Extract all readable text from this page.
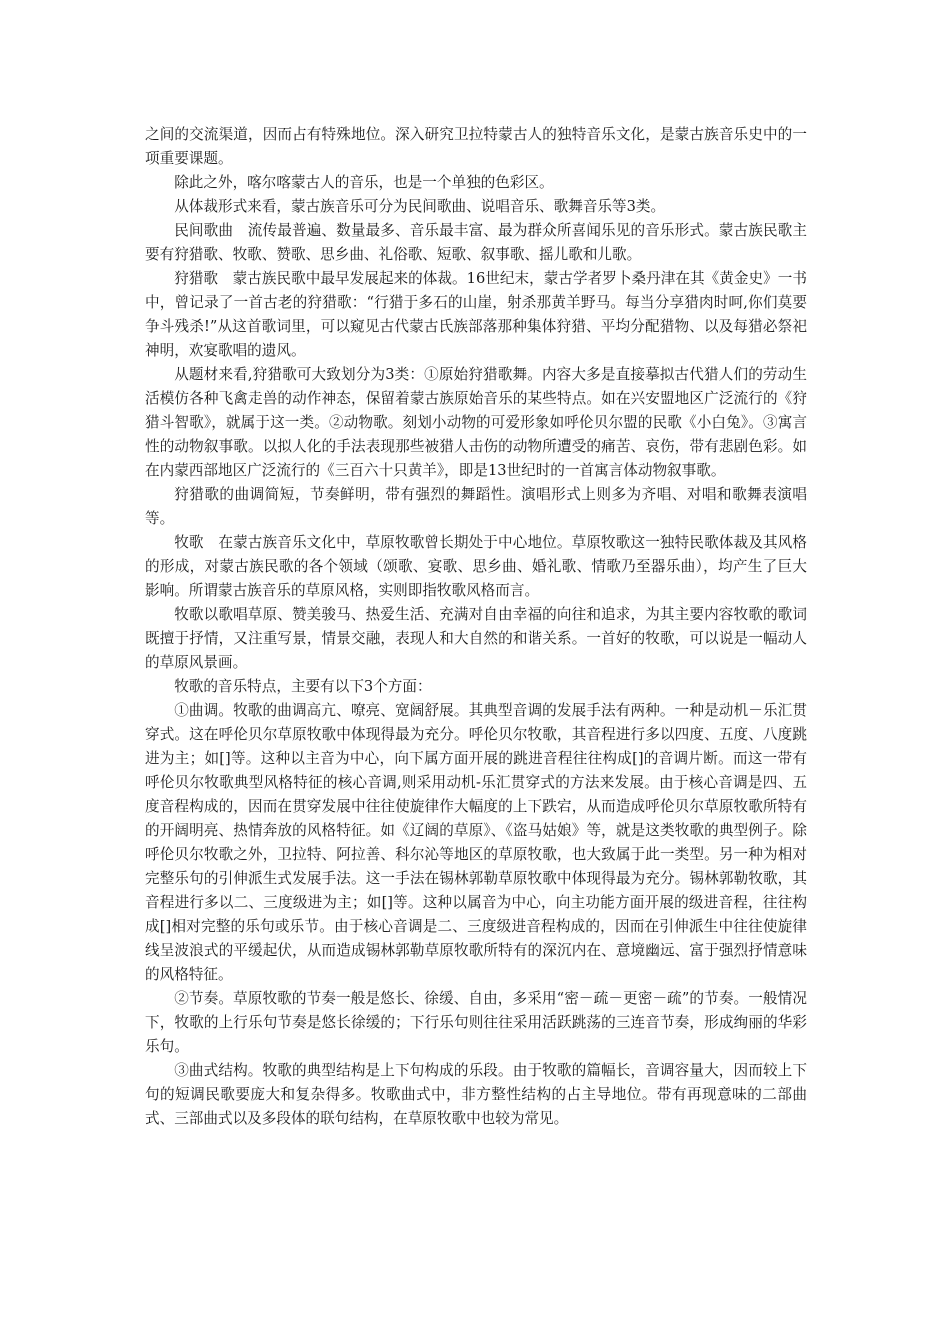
之间的交流渠道，因而占有特殊地位。深入研究卫拉特蒙古人的独特音乐文化，是蒙古族音乐史中的一项重要课题。

除此之外，喀尔喀蒙古人的音乐，也是一个单独的色彩区。

从体裁形式来看，蒙古族音乐可分为民间歌曲、说唱音乐、歌舞音乐等3类。

民间歌曲　流传最普遍、数量最多、音乐最丰富、最为群众所喜闻乐见的音乐形式。蒙古族民歌主要有狩猎歌、牧歌、赞歌、思乡曲、礼俗歌、短歌、叙事歌、摇儿歌和儿歌。

狩猎歌　蒙古族民歌中最早发展起来的体裁。16世纪末，蒙古学者罗卜桑丹津在其《黄金史》一书中，曾记录了一首古老的狩猎歌：“行猎于多石的山崖，射杀那黄羊野马。每当分享猎肉时呵,你们莫要争斗残杀!”从这首歌词里，可以窥见古代蒙古氏族部落那种集体狩猎、平均分配猎物、以及每猎必祭祀神明，欢宴歌唱的遗风。

从题材来看,狩猎歌可大致划分为3类：①原始狩猎歌舞。内容大多是直接摹拟古代猎人们的劳动生活模仿各种飞禽走兽的动作神态，保留着蒙古族原始音乐的某些特点。如在兴安盟地区广泛流行的《狩猎斗智歌》，就属于这一类。②动物歌。刻划小动物的可爱形象如呼伦贝尔盟的民歌《小白兔》。③寓言性的动物叙事歌。以拟人化的手法表现那些被猎人击伤的动物所遭受的痛苦、哀伤，带有悲剧色彩。如在内蒙西部地区广泛流行的《三百六十只黄羊》，即是13世纪时的一首寓言体动物叙事歌。

狩猎歌的曲调简短，节奏鲜明，带有强烈的舞蹈性。演唱形式上则多为齐唱、对唱和歌舞表演唱等。

牧歌　在蒙古族音乐文化中，草原牧歌曾长期处于中心地位。草原牧歌这一独特民歌体裁及其风格的形成，对蒙古族民歌的各个领域（颂歌、宴歌、思乡曲、婚礼歌、情歌乃至器乐曲），均产生了巨大影响。所谓蒙古族音乐的草原风格，实则即指牧歌风格而言。

牧歌以歌唱草原、赞美骏马、热爱生活、充满对自由幸福的向往和追求，为其主要内容牧歌的歌词既擅于抒情，又注重写景，情景交融，表现人和大自然的和谐关系。一首好的牧歌，可以说是一幅动人的草原风景画。

牧歌的音乐特点，主要有以下3个方面：

①曲调。牧歌的曲调高亢、嘹亮、宽阔舒展。其典型音调的发展手法有两种。一种是动机－乐汇贯穿式。这在呼伦贝尔草原牧歌中体现得最为充分。呼伦贝尔牧歌，其音程进行多以四度、五度、八度跳进为主；如[]等。这种以主音为中心，向下属方面开展的跳进音程往往构成[]的音调片断。而这一带有呼伦贝尔牧歌典型风格特征的核心音调,则采用动机-乐汇贯穿式的方法来发展。由于核心音调是四、五度音程构成的，因而在贯穿发展中往往使旋律作大幅度的上下跌宕，从而造成呼伦贝尔草原牧歌所特有的开阔明亮、热情奔放的风格特征。如《辽阔的草原》、《盗马姑娘》等，就是这类牧歌的典型例子。除呼伦贝尔牧歌之外，卫拉特、阿拉善、科尔沁等地区的草原牧歌，也大致属于此一类型。另一种为相对完整乐句的引伸派生式发展手法。这一手法在锡林郭勒草原牧歌中体现得最为充分。锡林郭勒牧歌，其音程进行多以二、三度级进为主；如[]等。这种以属音为中心，向主功能方面开展的级进音程，往往构成[]相对完整的乐句或乐节。由于核心音调是二、三度级进音程构成的，因而在引伸派生中往往使旋律线呈波浪式的平缓起伏，从而造成锡林郭勒草原牧歌所特有的深沉内在、意境幽远、富于强烈抒情意味的风格特征。

②节奏。草原牧歌的节奏一般是悠长、徐缓、自由，多采用“密－疏－更密－疏”的节奏。一般情况下，牧歌的上行乐句节奏是悠长徐缓的；下行乐句则往往采用活跃跳荡的三连音节奏，形成绚丽的华彩乐句。

③曲式结构。牧歌的典型结构是上下句构成的乐段。由于牧歌的篇幅长，音调容量大，因而较上下句的短调民歌要庞大和复杂得多。牧歌曲式中，非方整性结构的占主导地位。带有再现意味的二部曲式、三部曲式以及多段体的联句结构，在草原牧歌中也较为常见。
